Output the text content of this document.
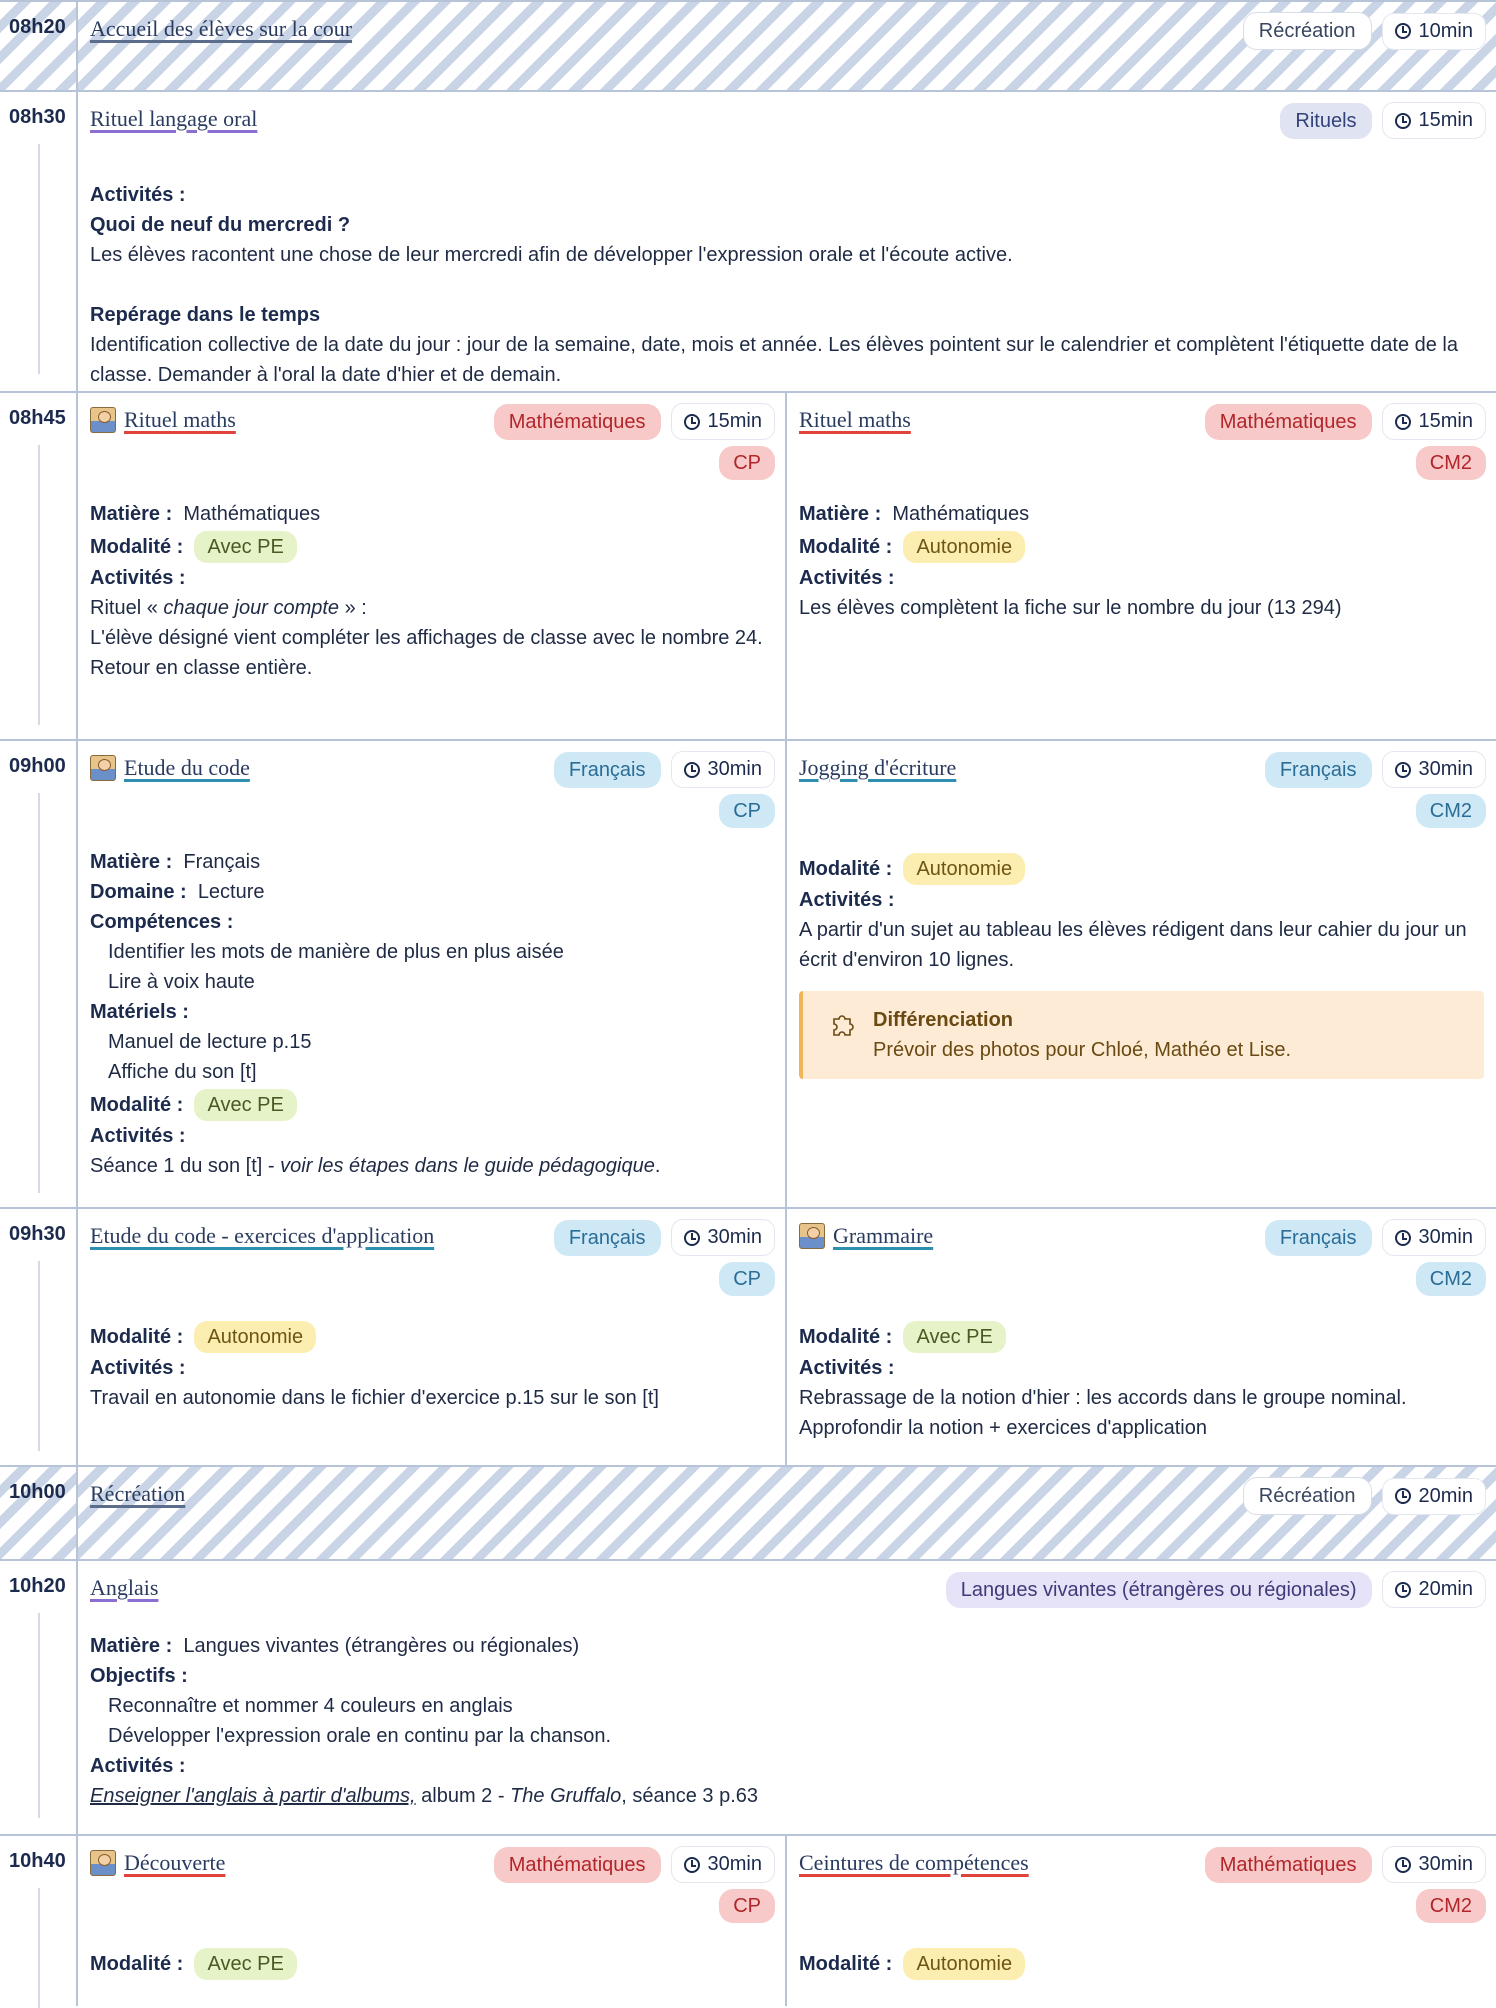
08h20 Accueil des élèves sur la cour	Récréation	10min
08h30 Rituel langage oral	Rituels	15min
Activités :
Quoi de neuf du mercredi ?
Les élèves racontent une chose de leur mercredi afin de développer l'expression orale et l'écoute active.
Repérage dans le temps
Identification collective de la date du jour : jour de la semaine, date, mois et année. Les élèves pointent sur le calendrier et complètent l'étiquette date de la classe. Demander à l'oral la date d'hier et de demain.
08h45	Rituel maths	Mathématiques	15min
CP
Matière : Mathématiques
Modalité : Avec PE
Activités :
Rituel « chaque jour compte » :
L'élève désigné vient compléter les affichages de classe avec le nombre 24.
Retour en classe entière.
Rituel maths	Mathématiques	15min
CM2
Matière : Mathématiques
Modalité : Autonomie
Activités :
Les élèves complètent la fiche sur le nombre du jour (13 294)
09h00	Etude du code	Français	30min
CP
Matière : Français
Domaine : Lecture
Compétences :
Identifier les mots de manière de plus en plus aisée
Lire à voix haute
Matériels :
Manuel de lecture p.15
Affiche du son [t]
Modalité : Avec PE
Activités :
Séance 1 du son [t] - voir les étapes dans le guide pédagogique.
Jogging d'écriture	Français	30min
CM2
Modalité : Autonomie
Activités :
A partir d'un sujet au tableau les élèves rédigent dans leur cahier du jour un écrit d'environ 10 lignes.
Différenciation
Prévoir des photos pour Chloé, Mathéo et Lise.
09h30 Etude du code - exercices d'application	Français	30min
CP
Modalité : Autonomie
Activités :
Travail en autonomie dans le fichier d'exercice p.15 sur le son [t]
Grammaire	Français	30min
CM2
Modalité : Avec PE
Activités :
Rebrassage de la notion d'hier : les accords dans le groupe nominal.
Approfondir la notion + exercices d'application
10h00 Récréation	Récréation	20min
10h20 Anglais	Langues vivantes (étrangères ou régionales)	20min
Matière : Langues vivantes (étrangères ou régionales)
Objectifs :
Reconnaître et nommer 4 couleurs en anglais
Développer l'expression orale en continu par la chanson.
Activités :
Enseigner l'anglais à partir d'albums, album 2 - The Gruffalo, séance 3 p.63
10h40	Découverte	Mathématiques	30min
CP
Modalité : Avec PE
Ceintures de compétences	Mathématiques	30min
CM2
Modalité : Autonomie
